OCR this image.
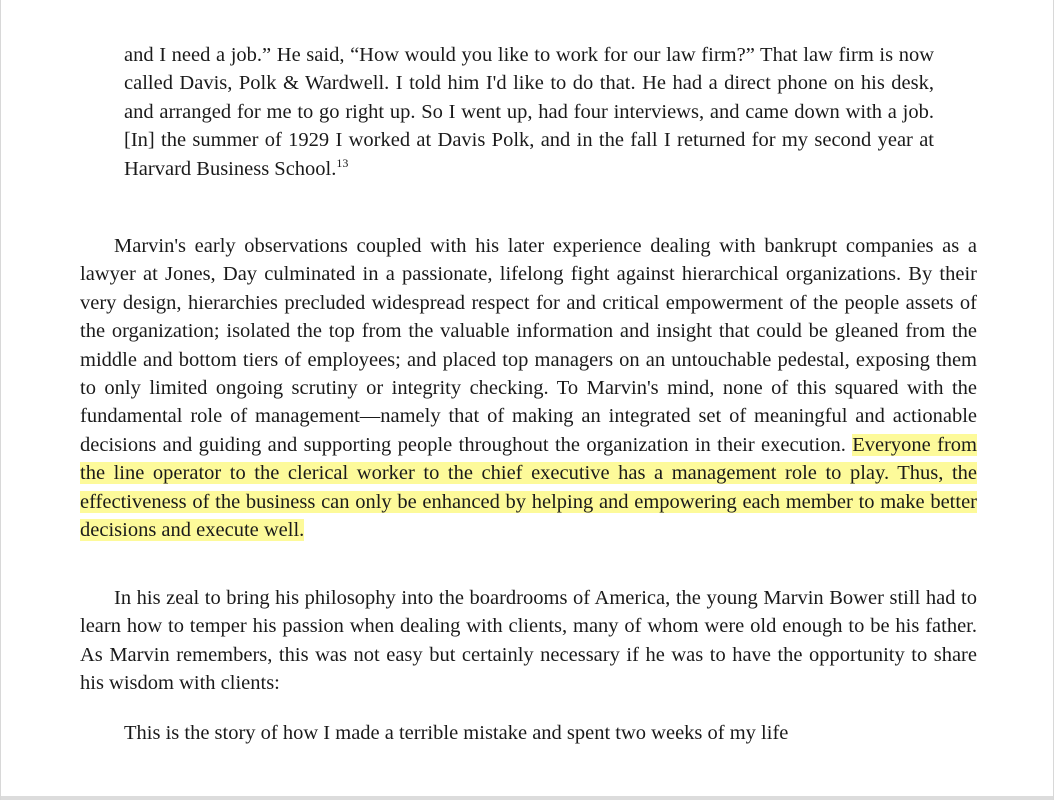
and I need a job.” He said, “How would you like to work for our law firm?” That law firm is now called Davis, Polk & Wardwell. I told him I'd like to do that. He had a direct phone on his desk, and arranged for me to go right up. So I went up, had four interviews, and came down with a job. [In] the summer of 1929 I worked at Davis Polk, and in the fall I returned for my second year at Harvard Business School.$^{13}$
Marvin's early observations coupled with his later experience dealing with bankrupt companies as a lawyer at Jones, Day culminated in a passionate, lifelong fight against hierarchical organizations. By their very design, hierarchies precluded widespread respect for and critical empowerment of the people assets of the organization; isolated the top from the valuable information and insight that could be gleaned from the middle and bottom tiers of employees; and placed top managers on an untouchable pedestal, exposing them to only limited ongoing scrutiny or integrity checking. To Marvin's mind, none of this squared with the fundamental role of management—namely that of making an integrated set of meaningful and actionable decisions and guiding and supporting people throughout the organization in their execution. Everyone from the line operator to the clerical worker to the chief executive has a management role to play. Thus, the effectiveness of the business can only be enhanced by helping and empowering each member to make better decisions and execute well.
In his zeal to bring his philosophy into the boardrooms of America, the young Marvin Bower still had to learn how to temper his passion when dealing with clients, many of whom were old enough to be his father. As Marvin remembers, this was not easy but certainly necessary if he was to have the opportunity to share his wisdom with clients:
This is the story of how I made a terrible mistake and spent two weeks of my life
